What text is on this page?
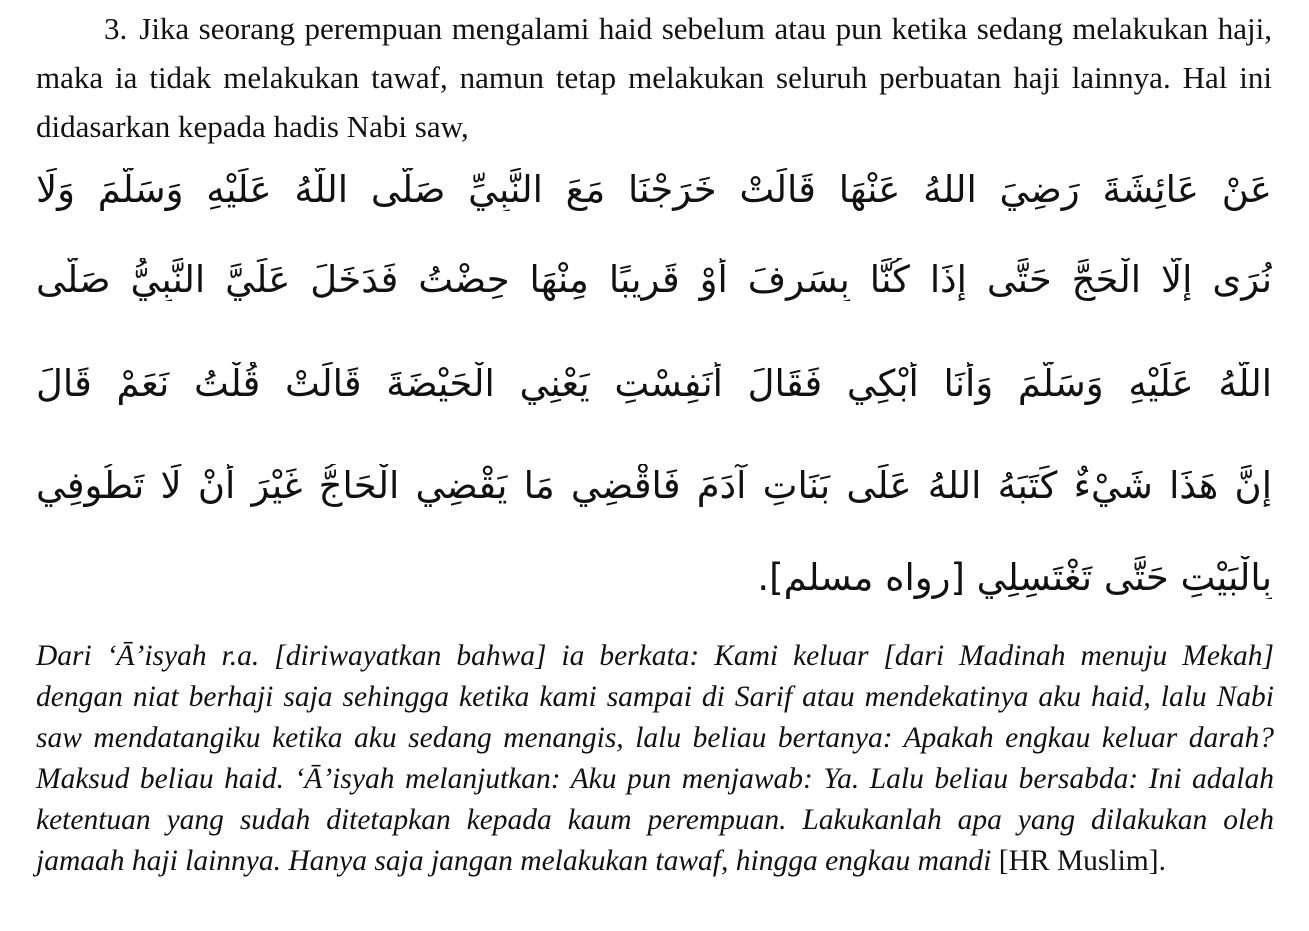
3. Jika seorang perempuan mengalami haid sebelum atau pun ketika sedang melakukan haji, maka ia tidak melakukan tawaf, namun tetap melakukan seluruh perbuatan haji lainnya. Hal ini didasarkan kepada hadis Nabi saw,

عَنْ عَائِشَةَ رَضِيَ اللهُ عَنْهَا قَالَتْ خَرَجْنَا مَعَ النَّبِيِّ صَلَّى اللَّهُ عَلَيْهِ وَسَلَّمَ وَلَا
نُرَى إِلَّا الْحَجَّ حَتَّى إِذَا كُنَّا بِسَرِفَ أَوْ قَرِيبًا مِنْهَا حِضْتُ فَدَخَلَ عَلَيَّ النَّبِيُّ صَلَّى
اللَّهُ عَلَيْهِ وَسَلَّمَ وَأَنَا أَبْكِي فَقَالَ أَنَفِسْتِ يَعْنِي الْحَيْضَةَ قَالَتْ قُلْتُ نَعَمْ قَالَ
إِنَّ هَذَا شَيْءٌ كَتَبَهُ اللهُ عَلَى بَنَاتِ آدَمَ فَاقْضِي مَا يَقْضِي الْحَاجُّ غَيْرَ أَنْ لَا تَطُوفِي
بِالْبَيْتِ حَتَّى تَغْتَسِلِي [رواه مسلم].

Dari ‘Ā’isyah r.a. [diriwayatkan bahwa] ia berkata: Kami keluar [dari Madinah menuju Mekah] dengan niat berhaji saja sehingga ketika kami sampai di Sarif atau mendekatinya aku haid, lalu Nabi saw mendatangiku ketika aku sedang menangis, lalu beliau bertanya: Apakah engkau keluar darah? Maksud beliau haid. ‘Ā’isyah melanjutkan: Aku pun menjawab: Ya. Lalu beliau bersabda: Ini adalah ketentuan yang sudah ditetapkan kepada kaum perempuan. Lakukanlah apa yang dilakukan oleh jamaah haji lainnya. Hanya saja jangan melakukan tawaf, hingga engkau mandi [HR Muslim].
